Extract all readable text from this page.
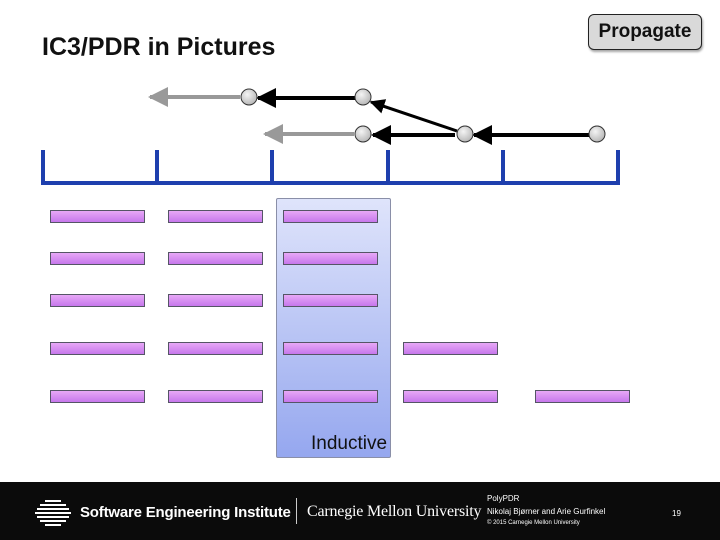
IC3/PDR in Pictures
Propagate
Inductive
Software Engineering Institute Carnegie Mellon University
PolyPDR
Nikolaj Bjørner and Arie Gurfinkel
© 2015 Carnegie Mellon University
19
